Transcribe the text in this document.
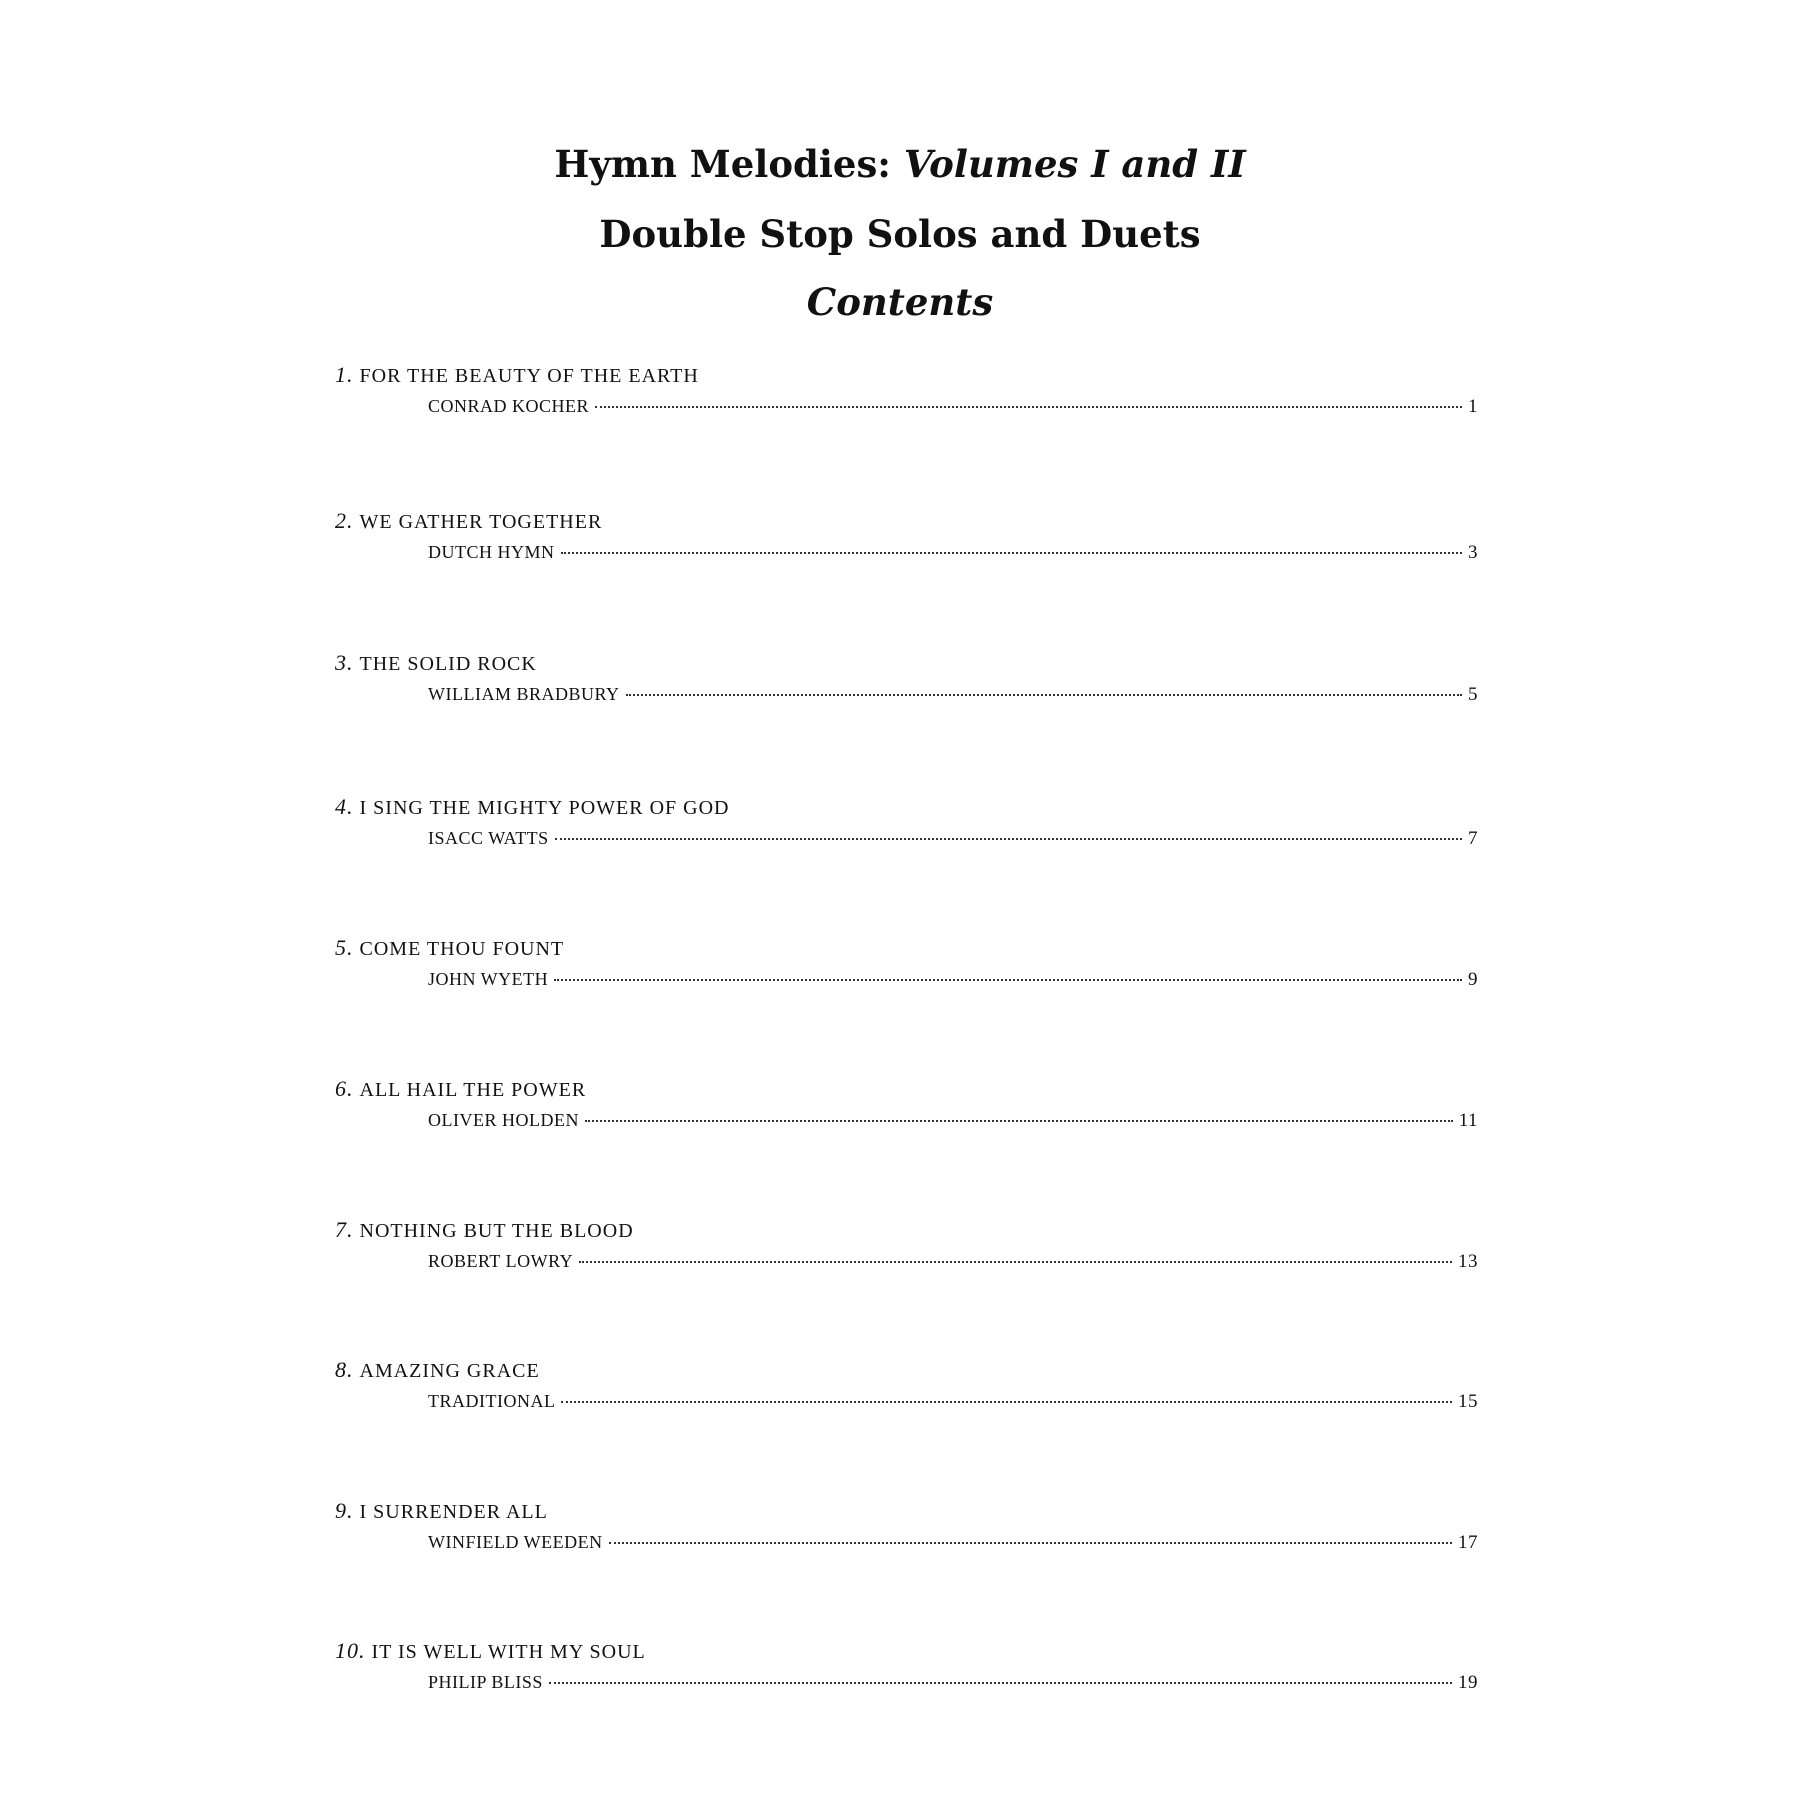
Hymn Melodies: Volumes I and II
Double Stop Solos and Duets
Contents
1. FOR THE BEAUTY OF THE EARTH
CONRAD KOCHER	1
2. WE GATHER TOGETHER
DUTCH HYMN	3
3. THE SOLID ROCK
WILLIAM BRADBURY	5
4. I SING THE MIGHTY POWER OF GOD
ISACC WATTS	7
5. COME THOU FOUNT
JOHN WYETH	9
6. ALL HAIL THE POWER
OLIVER HOLDEN	11
7. NOTHING BUT THE BLOOD
ROBERT LOWRY	13
8. AMAZING GRACE
TRADITIONAL	15
9. I SURRENDER ALL
WINFIELD WEEDEN	17
10. IT IS WELL WITH MY SOUL
PHILIP BLISS	19
